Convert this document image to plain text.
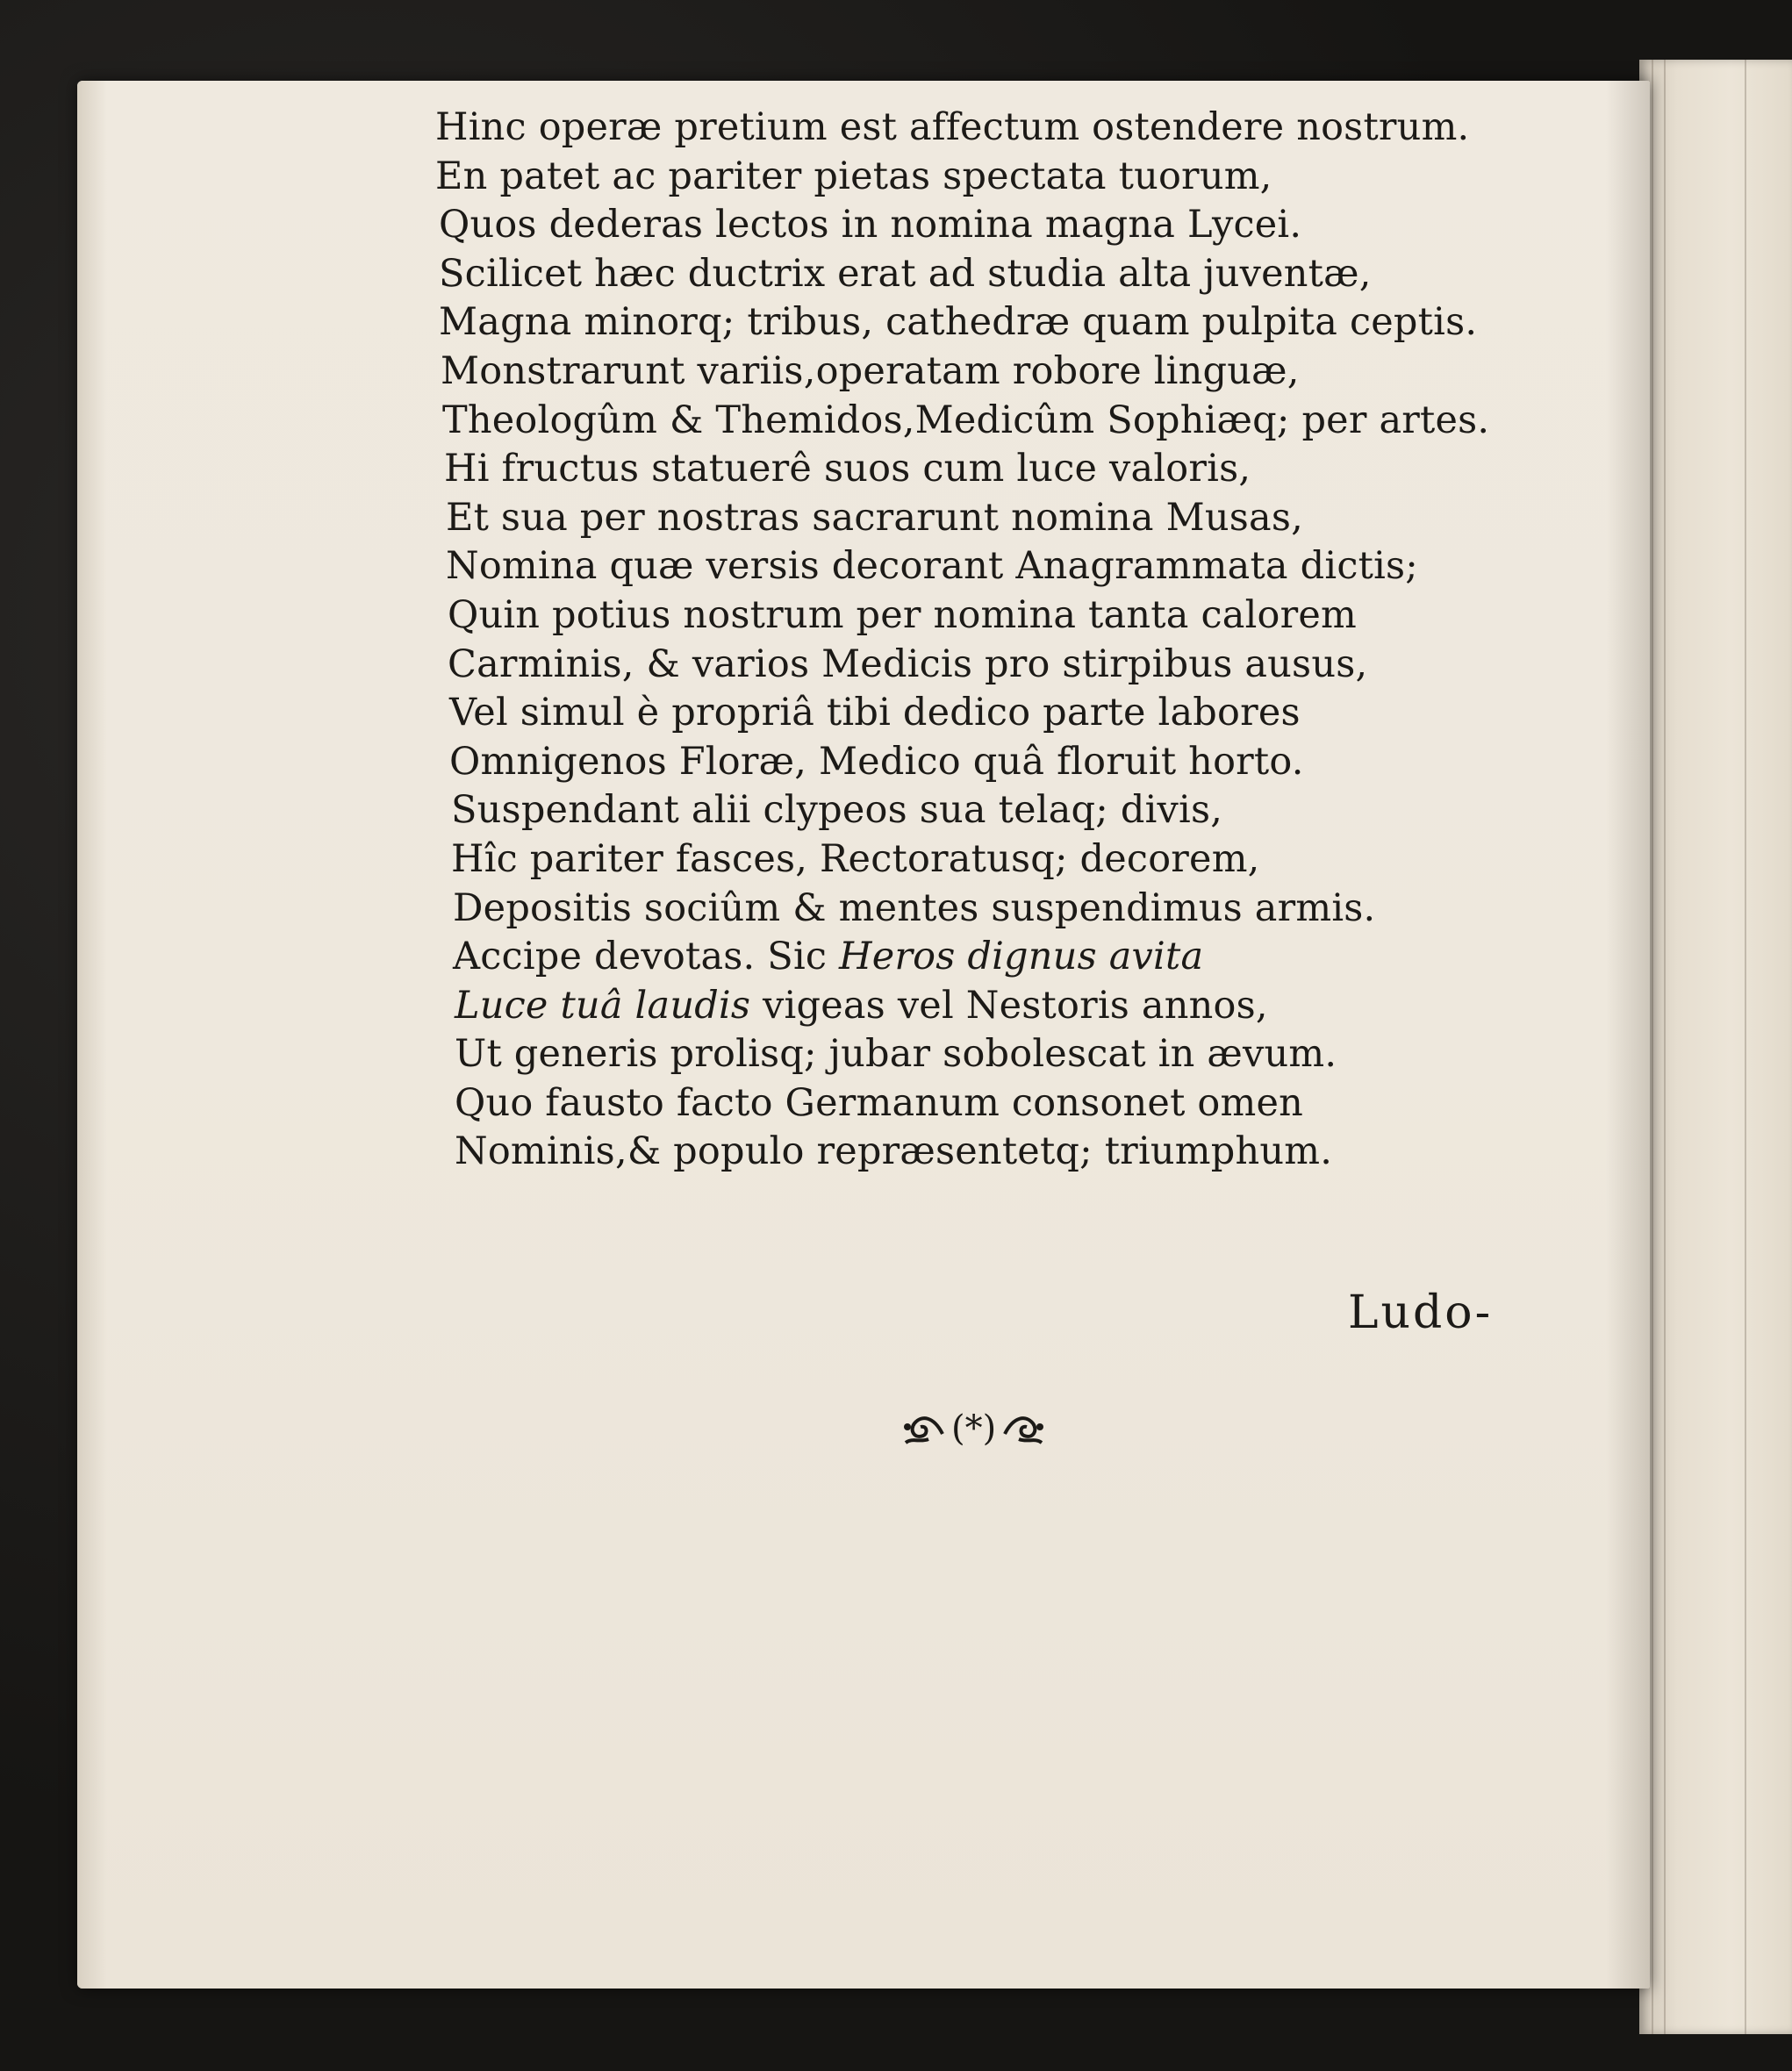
Hinc operæ pretium est affectum ostendere nostrum.
En patet ac pariter pietas spectata tuorum,
Quos dederas lectos in nomina magna Lycei.
Scilicet hæc ductrix erat ad studia alta juventæ,
Magna minorq; tribus, cathedræ quam pulpita ceptis.
Monstrarunt variis,operatam robore linguæ,
Theologûm & Themidos,Medicûm Sophiæq; per artes.
Hi fructus statuerê suos cum luce valoris,
Et sua per nostras sacrarunt nomina Musas,
Nomina quæ versis decorant Anagrammata dictis;
Quin potius nostrum per nomina tanta calorem
Carminis, & varios Medicis pro stirpibus ausus,
Vel simul è propriâ tibi dedico parte labores
Omnigenos Floræ, Medico quâ floruit horto.
Suspendant alii clypeos sua telaq; divis,
Hîc pariter fasces, Rectoratusq; decorem,
Depositis sociûm & mentes suspendimus armis.
Accipe devotas. Sic Heros dignus avita
Luce tuâ laudis vigeas vel Nestoris annos,
Ut generis prolisq; jubar sobolescat in ævum.
Quo fausto facto Germanum consonet omen
Nominis,& populo repræsentetq; triumphum.
Ludo-
(*)
